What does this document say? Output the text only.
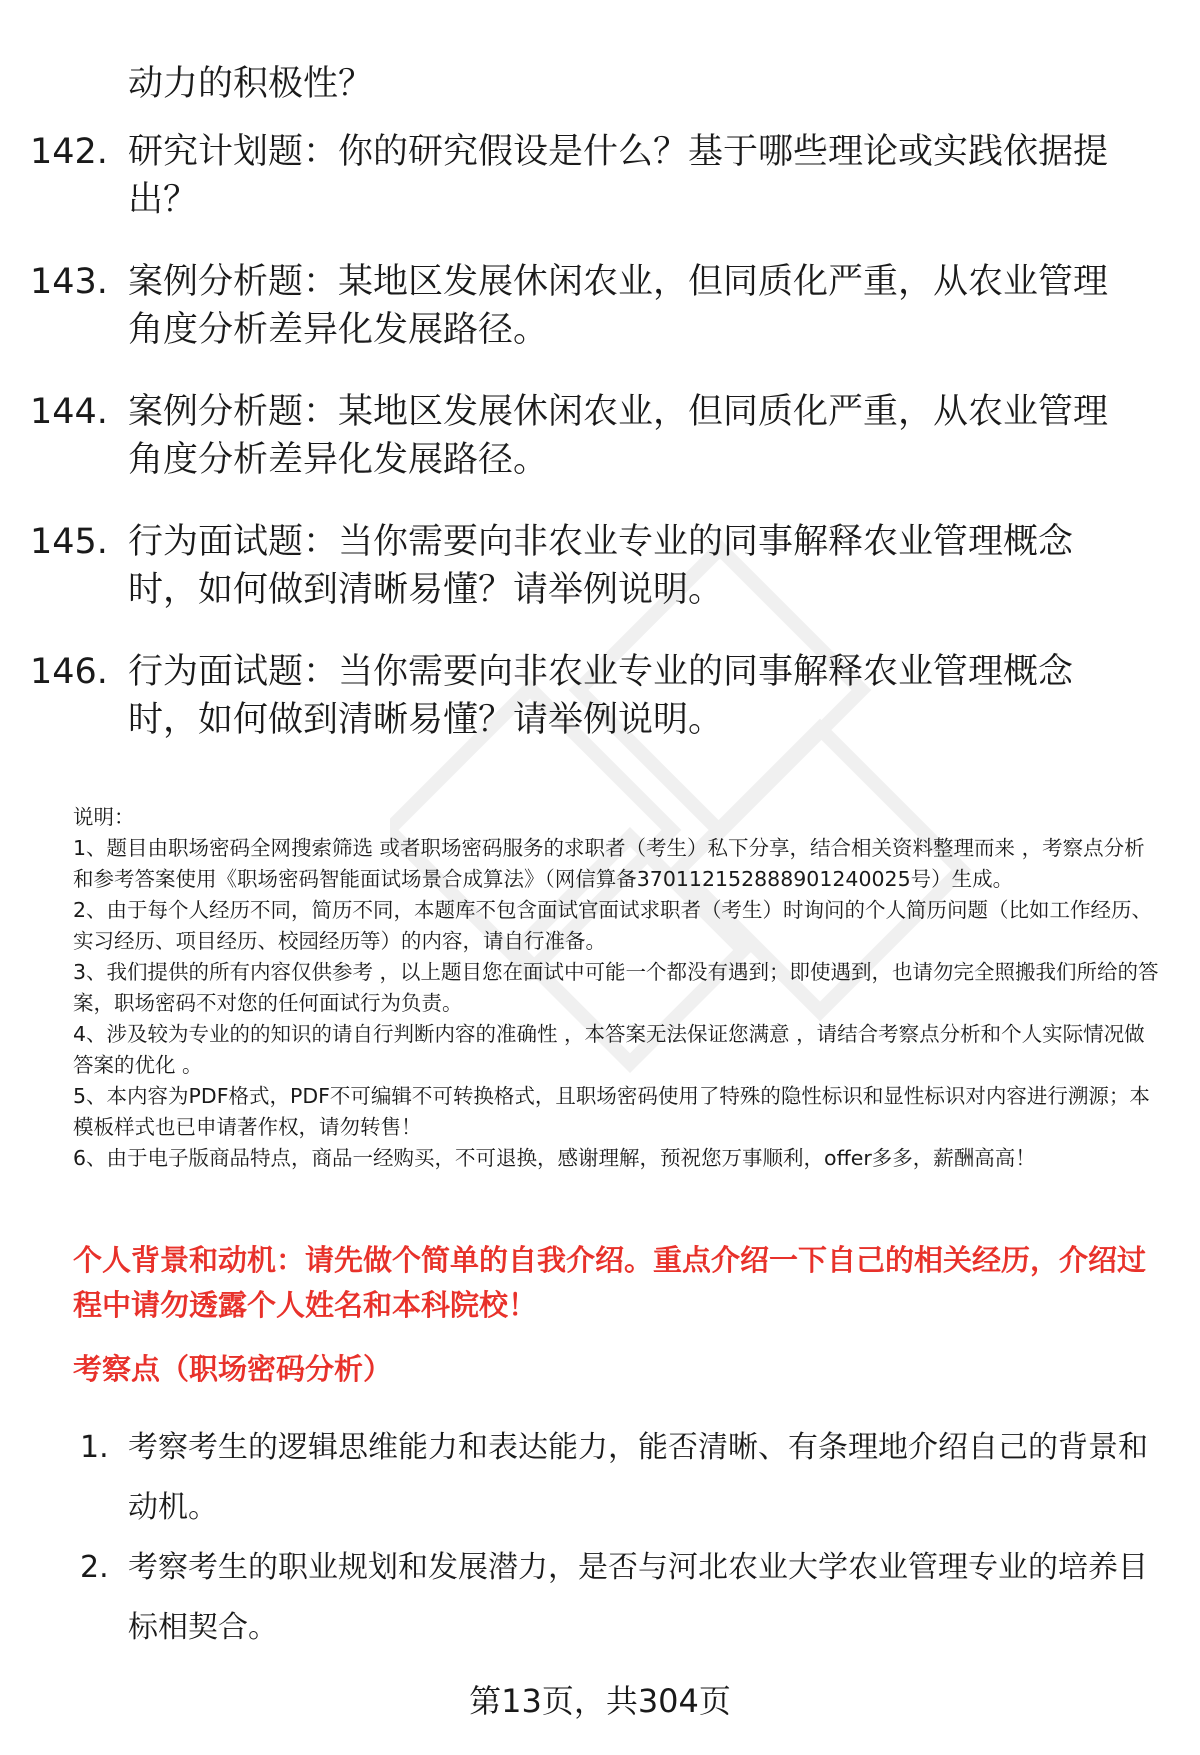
动力的积极性？
142. 研究计划题：你的研究假设是什么？基于哪些理论或实践依据提出？
143. 案例分析题：某地区发展休闲农业，但同质化严重，从农业管理角度分析差异化发展路径。
144. 案例分析题：某地区发展休闲农业，但同质化严重，从农业管理角度分析差异化发展路径。
145. 行为面试题：当你需要向非农业专业的同事解释农业管理概念时，如何做到清晰易懂？请举例说明。
146. 行为面试题：当你需要向非农业专业的同事解释农业管理概念时，如何做到清晰易懂？请举例说明。

说明：

1、题目由职场密码全网搜索筛选 或者职场密码服务的求职者（考生）私下分享，结合相关资料整理而来 ，考察点分析和参考答案使用《职场密码智能面试场景合成算法》（网信算备370112152888901240025号）生成。

2、由于每个人经历不同，简历不同，本题库不包含面试官面试求职者（考生）时询问的个人简历问题（比如工作经历、实习经历、项目经历、校园经历等）的内容，请自行准备。

3、我们提供的所有内容仅供参考 ，以上题目您在面试中可能一个都没有遇到；即使遇到，也请勿完全照搬我们所给的答案，职场密码不对您的任何面试行为负责。

4、涉及较为专业的的知识的请自行判断内容的准确性 ，本答案无法保证您满意 ，请结合考察点分析和个人实际情况做答案的优化 。

5、本内容为PDF格式，PDF不可编辑不可转换格式，且职场密码使用了特殊的隐性标识和显性标识对内容进行溯源；本模板样式也已申请著作权，请勿转售！

6、由于电子版商品特点，商品一经购买，不可退换，感谢理解，预祝您万事顺利，offer多多，薪酬高高！

个人背景和动机：请先做个简单的自我介绍。重点介绍一下自己的相关经历，介绍过程中请勿透露个人姓名和本科院校！
考察点（职场密码分析）
1. 考察考生的逻辑思维能力和表达能力，能否清晰、有条理地介绍自己的背景和动机。
2. 考察考生的职业规划和发展潜力，是否与河北农业大学农业管理专业的培养目标相契合。
第13页，共304页
